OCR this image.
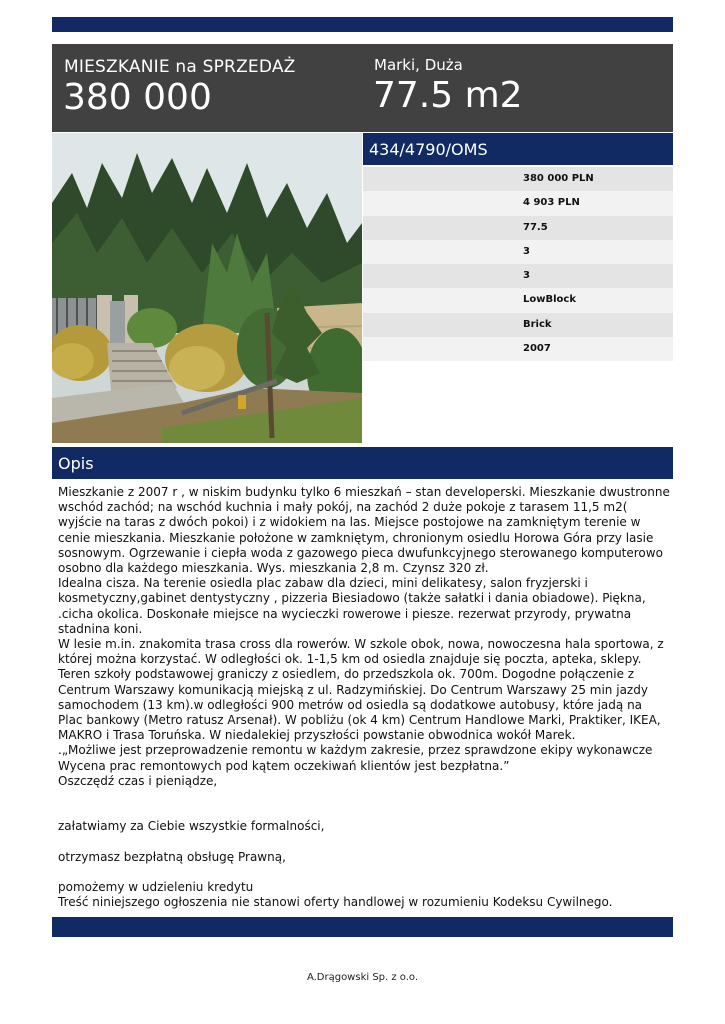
MIESZKANIE na SPRZEDAŻ
380 000
Marki, Duża
77.5 m2
434/4790/OMS
380 000 PLN
4 903 PLN
77.5
3
3
LowBlock
Brick
2007
Opis
Mieszkanie z 2007 r , w niskim budynku tylko 6 mieszkań – stan developerski. Mieszkanie dwustronne wschód zachód; na wschód kuchnia i mały pokój, na zachód 2 duże pokoje z tarasem 11,5 m2( wyjście na taras z dwóch pokoi) i z widokiem na las. Miejsce postojowe na zamkniętym terenie w cenie mieszkania. Mieszkanie położone w zamkniętym, chronionym osiedlu Horowa Góra przy lasie sosnowym. Ogrzewanie i ciepła woda z gazowego pieca dwufunkcyjnego sterowanego komputerowo osobno dla każdego mieszkania. Wys. mieszkania 2,8 m. Czynsz 320 zł.
Idealna cisza. Na terenie osiedla plac zabaw dla dzieci, mini delikatesy, salon fryzjerski i kosmetyczny,gabinet dentystyczny , pizzeria Biesiadowo (także sałatki i dania obiadowe). Piękna, .cicha okolica. Doskonałe miejsce na wycieczki rowerowe i piesze. rezerwat przyrody, prywatna stadnina koni.
W lesie m.in. znakomita trasa cross dla rowerów. W szkole obok, nowa, nowoczesna hala sportowa, z której można korzystać. W odległości ok. 1-1,5 km od osiedla znajduje się poczta, apteka, sklepy. Teren szkoły podstawowej graniczy z osiedlem, do przedszkola ok. 700m. Dogodne połączenie z Centrum Warszawy komunikacją miejską z ul. Radzymińskiej. Do Centrum Warszawy 25 min jazdy samochodem (13 km).w odległości 900 metrów od osiedla są dodatkowe autobusy, które jadą na Plac bankowy (Metro ratusz Arsenał). W pobliżu (ok 4 km) Centrum Handlowe Marki, Praktiker, IKEA, MAKRO i Trasa Toruńska. W niedalekiej przyszłości powstanie obwodnica wokół Marek.
.„Możliwe jest przeprowadzenie remontu w każdym zakresie, przez sprawdzone ekipy wykonawcze Wycena prac remontowych pod kątem oczekiwań klientów jest bezpłatna.”
Oszczędź czas i pieniądze,

załatwiamy za Ciebie wszystkie formalności,

otrzymasz bezpłatną obsługę Prawną,

pomożemy w udzieleniu kredytu
Treść niniejszego ogłoszenia nie stanowi oferty handlowej w rozumieniu Kodeksu Cywilnego.
A.Drągowski Sp. z o.o.
